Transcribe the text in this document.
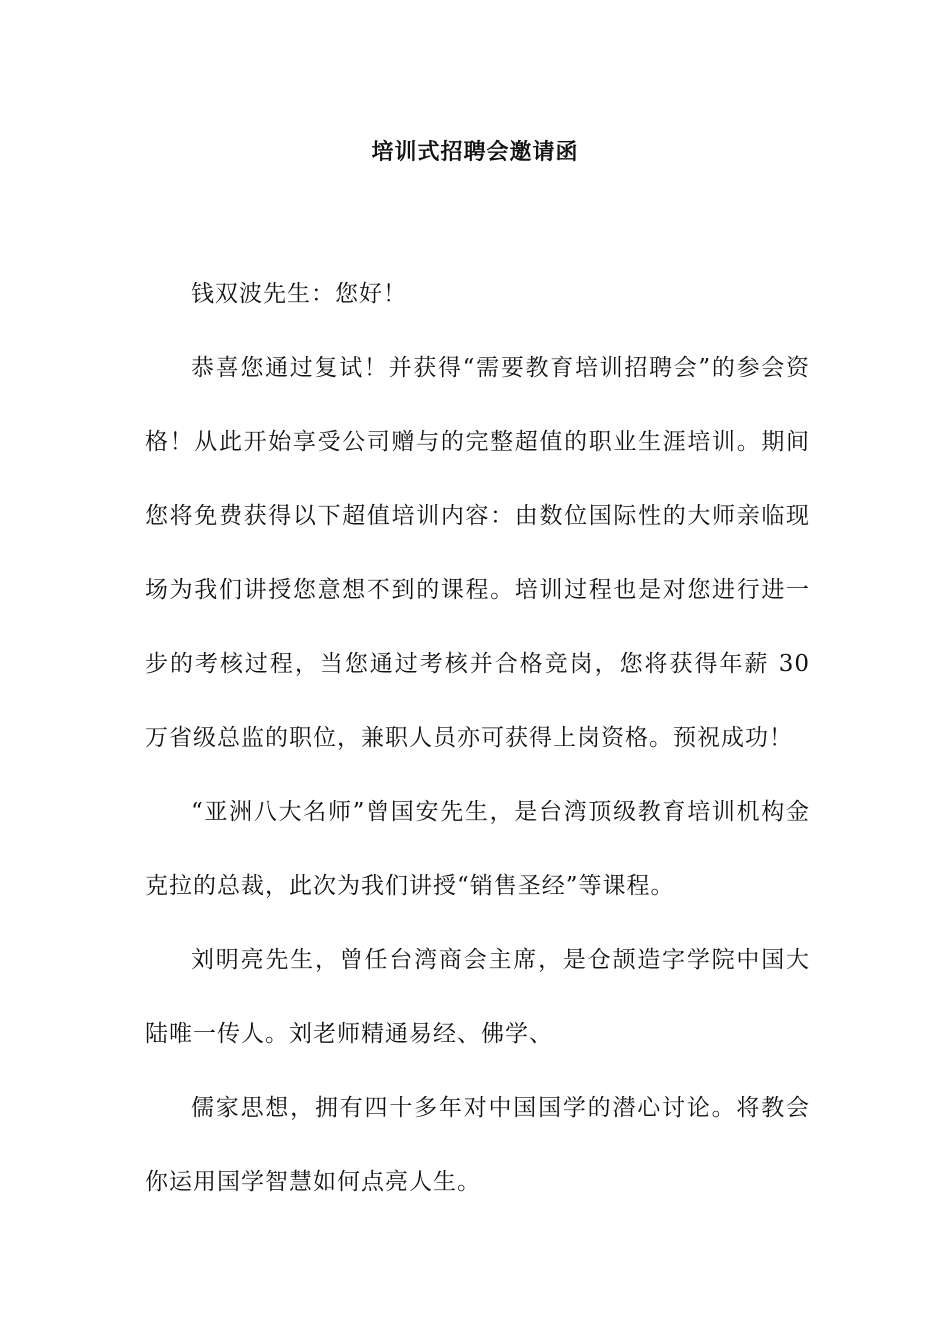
培训式招聘会邀请函

钱双波先生：您好！

恭喜您通过复试！并获得“需要教育培训招聘会”的参会资格！从此开始享受公司赠与的完整超值的职业生涯培训。期间您将免费获得以下超值培训内容：由数位国际性的大师亲临现场为我们讲授您意想不到的课程。培训过程也是对您进行进一步的考核过程，当您通过考核并合格竞岗，您将获得年薪 30 万省级总监的职位，兼职人员亦可获得上岗资格。预祝成功！

“亚洲八大名师”曾国安先生，是台湾顶级教育培训机构金克拉的总裁，此次为我们讲授“销售圣经”等课程。

刘明亮先生，曾任台湾商会主席，是仓颉造字学院中国大陆唯一传人。刘老师精通易经、佛学、

儒家思想，拥有四十多年对中国国学的潜心讨论。将教会你运用国学智慧如何点亮人生。
